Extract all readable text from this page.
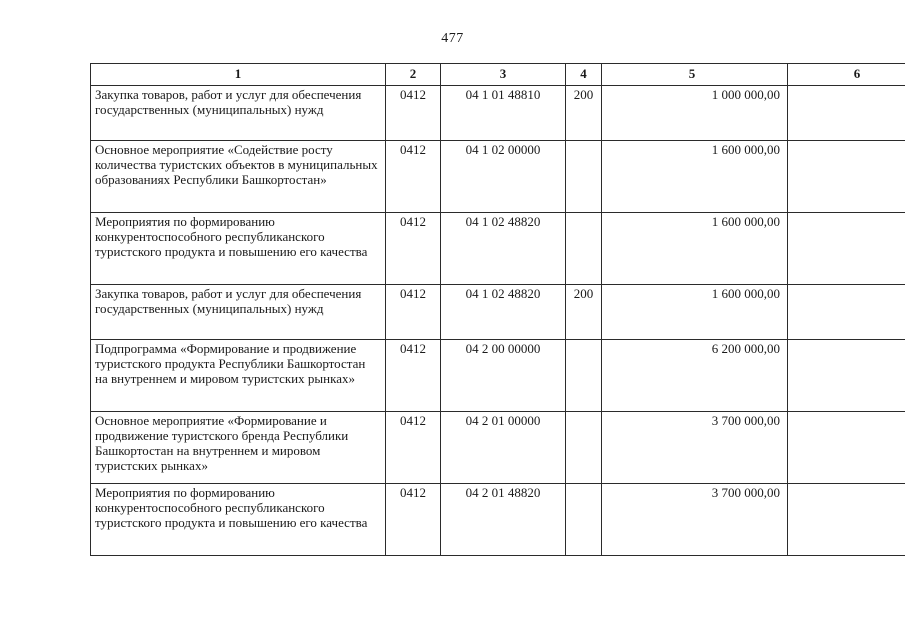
477
1	2	3	4	5	6
Закупка товаров, работ и услуг для обеспечения государственных (муниципальных) нужд	0412	04 1 01 48810	200	1 000 000,00	
Основное мероприятие «Содействие росту количества туристских объектов в муниципальных образованиях Республики Башкортостан»	0412	04 1 02 00000		1 600 000,00	
Мероприятия по формированию конкурентоспособного республиканского туристского продукта и повышению его качества	0412	04 1 02 48820		1 600 000,00	
Закупка товаров, работ и услуг для обеспечения государственных (муниципальных) нужд	0412	04 1 02 48820	200	1 600 000,00	
Подпрограмма «Формирование и продвижение туристского продукта Республики Башкортостан на внутреннем и мировом туристских рынках»	0412	04 2 00 00000		6 200 000,00	
Основное мероприятие «Формирование и продвижение туристского бренда Республики Башкортостан на внутреннем и мировом туристских рынках»	0412	04 2 01 00000		3 700 000,00	
Мероприятия по формированию конкурентоспособного республиканского туристского продукта и повышению его качества	0412	04 2 01 48820		3 700 000,00	
